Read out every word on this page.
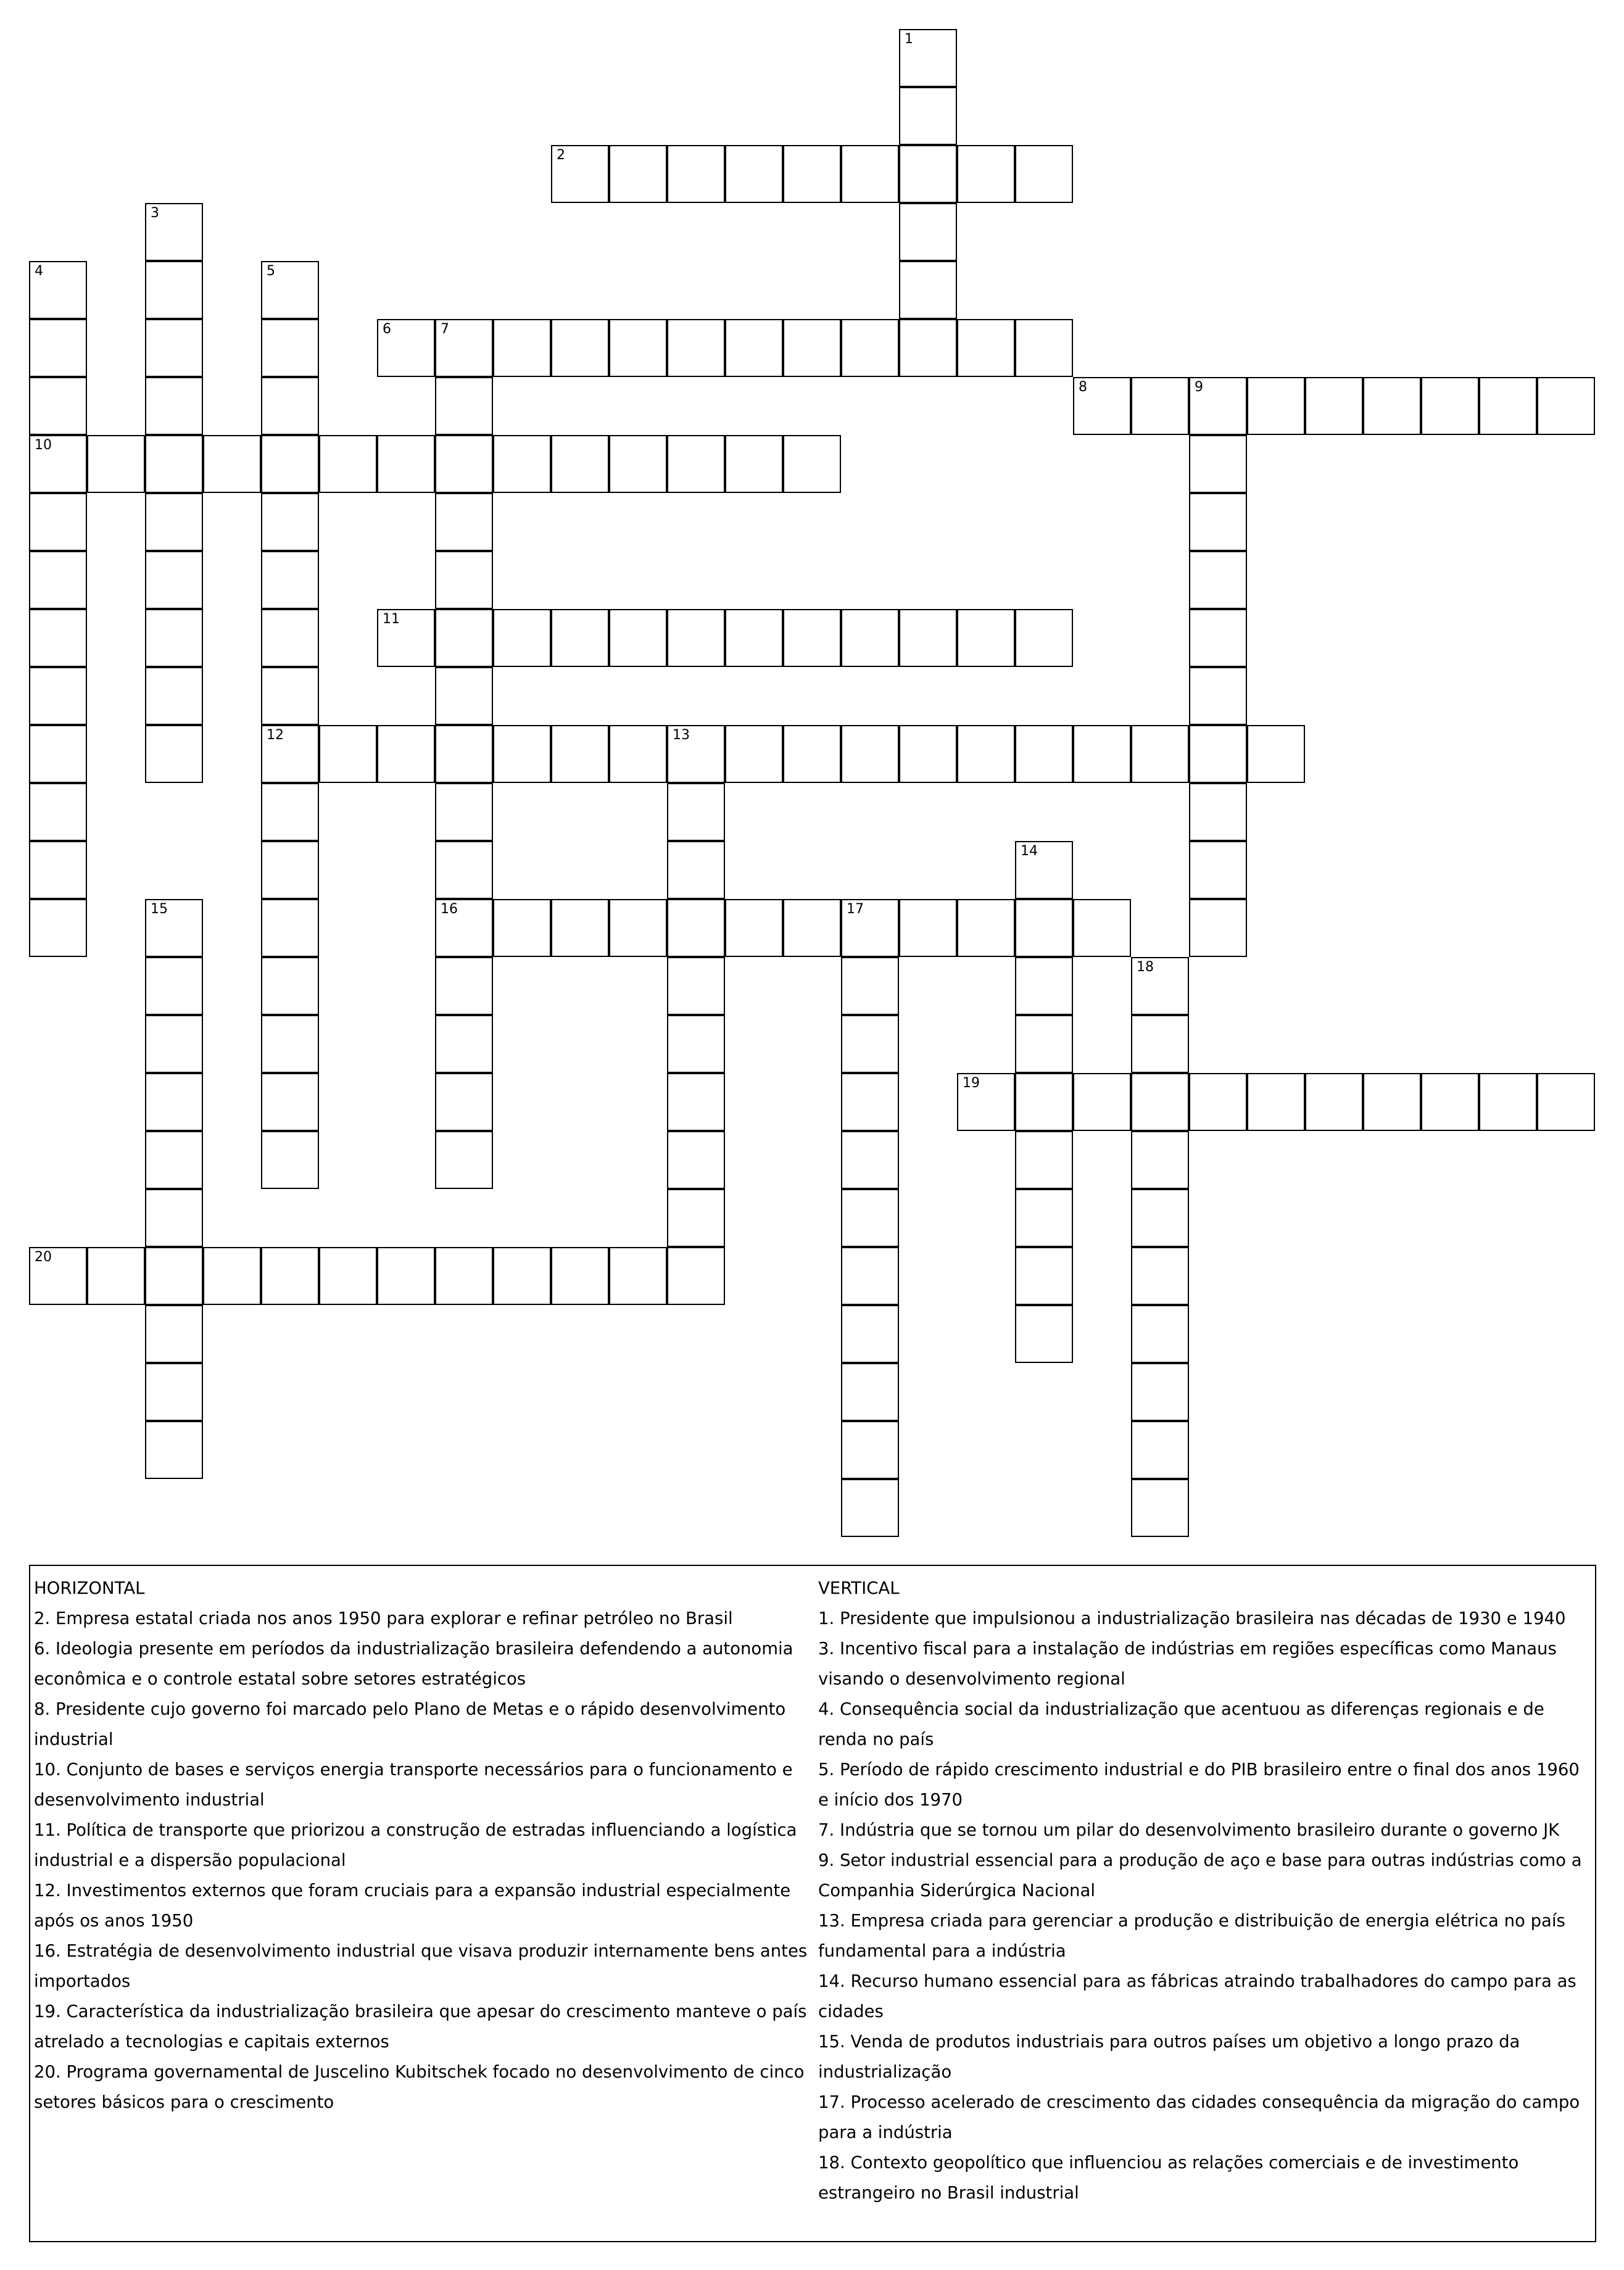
1
2
3
4	5
6	7
8	9
10
11
12	13
14
15	16	17
18
19
20

HORIZONTAL

2. Empresa estatal criada nos anos 1950 para explorar e refinar petróleo no Brasil

6. Ideologia presente em períodos da industrialização brasileira defendendo a autonomia econômica e o controle estatal sobre setores estratégicos

8. Presidente cujo governo foi marcado pelo Plano de Metas e o rápido desenvolvimento industrial

10. Conjunto de bases e serviços energia transporte necessários para o funcionamento e desenvolvimento industrial

11. Política de transporte que priorizou a construção de estradas influenciando a logística industrial e a dispersão populacional

12. Investimentos externos que foram cruciais para a expansão industrial especialmente após os anos 1950

16. Estratégia de desenvolvimento industrial que visava produzir internamente bens antes importados

19. Característica da industrialização brasileira que apesar do crescimento manteve o país atrelado a tecnologias e capitais externos

20. Programa governamental de Juscelino Kubitschek focado no desenvolvimento de cinco setores básicos para o crescimento

VERTICAL

1. Presidente que impulsionou a industrialização brasileira nas décadas de 1930 e 1940

3. Incentivo fiscal para a instalação de indústrias em regiões específicas como Manaus visando o desenvolvimento regional

4. Consequência social da industrialização que acentuou as diferenças regionais e de renda no país

5. Período de rápido crescimento industrial e do PIB brasileiro entre o final dos anos 1960 e início dos 1970

7. Indústria que se tornou um pilar do desenvolvimento brasileiro durante o governo JK

9. Setor industrial essencial para a produção de aço e base para outras indústrias como a Companhia Siderúrgica Nacional

13. Empresa criada para gerenciar a produção e distribuição de energia elétrica no país fundamental para a indústria

14. Recurso humano essencial para as fábricas atraindo trabalhadores do campo para as cidades

15. Venda de produtos industriais para outros países um objetivo a longo prazo da industrialização

17. Processo acelerado de crescimento das cidades consequência da migração do campo para a indústria

18. Contexto geopolítico que influenciou as relações comerciais e de investimento estrangeiro no Brasil industrial
